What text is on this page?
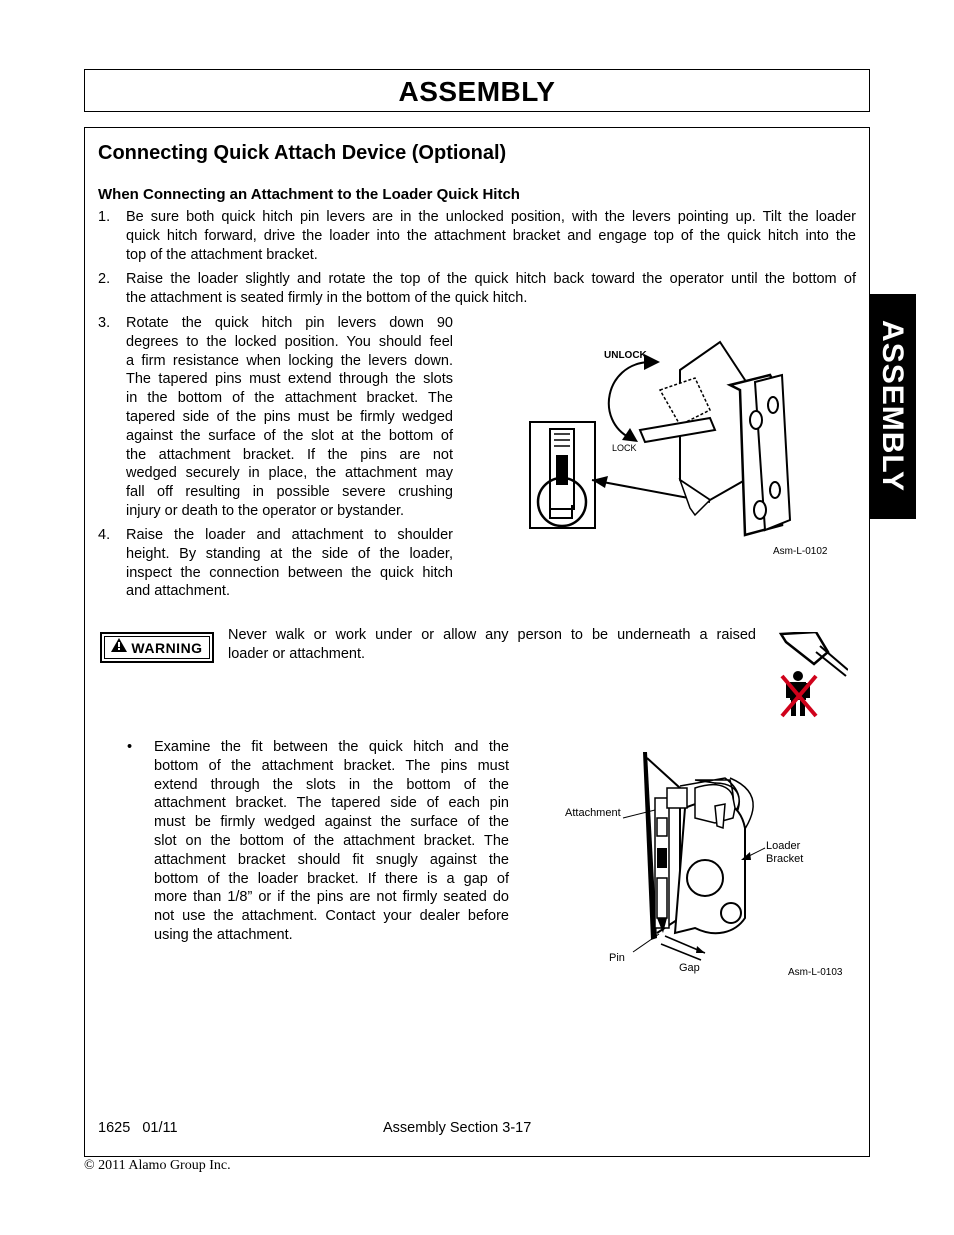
ASSEMBLY
ASSEMBLY
Connecting Quick Attach Device (Optional)
When Connecting an Attachment to the Loader Quick Hitch
1. Be sure both quick hitch pin levers are in the unlocked position, with the levers pointing up. Tilt the loader
quick hitch forward, drive the loader into the attachment bracket and engage top of the quick hitch into the
top of the attachment bracket.
2. Raise the loader slightly and rotate the top of the quick hitch back toward the operator until the bottom of
the attachment is seated firmly in the bottom of the quick hitch.
3. Rotate the quick hitch pin levers down 90
degrees to the locked position. You should feel
a firm resistance when locking the levers down.
The tapered pins must extend through the slots
in the bottom of the attachment bracket. The
tapered side of the pins must be firmly wedged
against the surface of the slot at the bottom of
the attachment bracket. If the pins are not
wedged securely in place, the attachment may
fall off resulting in possible severe crushing
injury or death to the operator or bystander.
4. Raise the loader and attachment to shoulder
height. By standing at the side of the loader,
inspect the connection between the quick hitch
and attachment.
UNLOCK
LOCK
Asm-L-0102
WARNING
Never walk or work under or allow any person to be underneath a raised
loader or attachment.
• Examine the fit between the quick hitch and the
bottom of the attachment bracket. The pins must
extend through the slots in the bottom of the
attachment bracket. The tapered side of each pin
must be firmly wedged against the surface of the
slot on the bottom of the attachment bracket. The
attachment bracket should fit snugly against the
bottom of the loader bracket. If there is a gap of
more than 1/8” or if the pins are not firmly seated do
not use the attachment. Contact your dealer before
using the attachment.
Attachment
Loader
Bracket
Pin
Gap	Asm-L-0103
1625   01/11	Assembly Section 3-17
© 2011 Alamo Group Inc.
